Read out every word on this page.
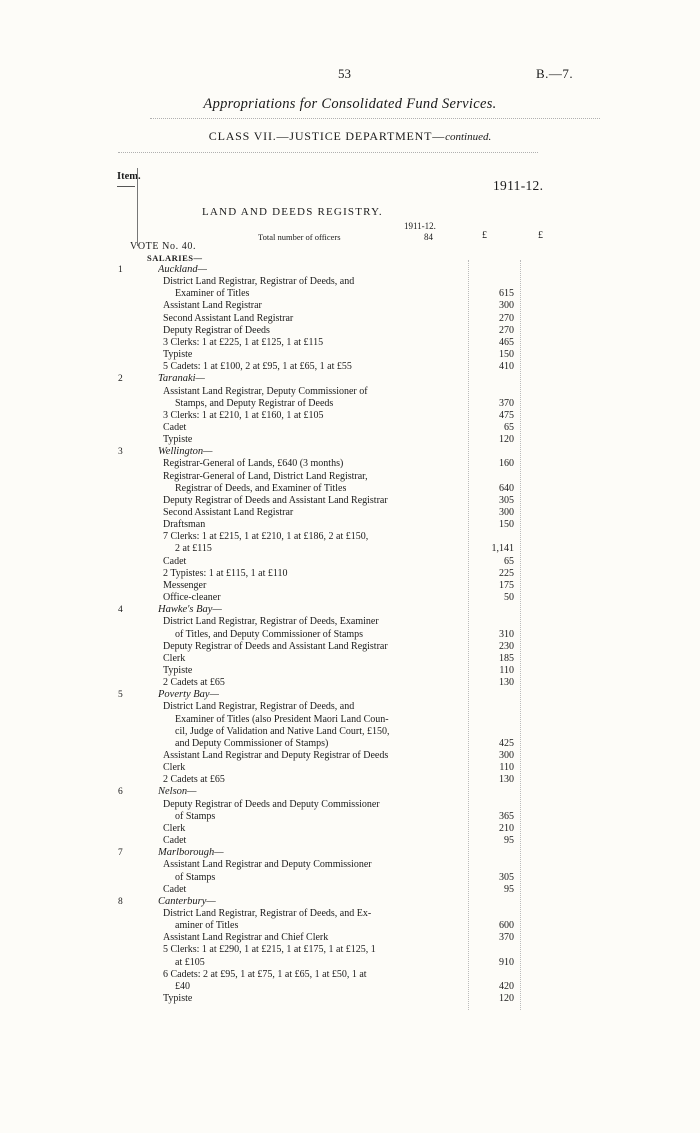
53	B.—7.
Appropriations for Consolidated Fund Services.
CLASS VII.—JUSTICE DEPARTMENT—continued.
Item.
1911-12.
LAND AND DEEDS REGISTRY.
1911-12.
Total number of officers	84	£	£
VOTE No. 40.
SALARIES—
1	Auckland—
District Land Registrar, Registrar of Deeds, and
Examiner of Titles	615
Assistant Land Registrar	300
Second Assistant Land Registrar	270
Deputy Registrar of Deeds	270
3 Clerks: 1 at £225, 1 at £125, 1 at £115	465
Typiste	150
5 Cadets: 1 at £100, 2 at £95, 1 at £65, 1 at £55	410
2	Taranaki—
Assistant Land Registrar, Deputy Commissioner of
Stamps, and Deputy Registrar of Deeds	370
3 Clerks: 1 at £210, 1 at £160, 1 at £105	475
Cadet	65
Typiste	120
3	Wellington—
Registrar-General of Lands, £640 (3 months)	160
Registrar-General of Land, District Land Registrar,
Registrar of Deeds, and Examiner of Titles	640
Deputy Registrar of Deeds and Assistant Land Registrar	305
Second Assistant Land Registrar	300
Draftsman	150
7 Clerks: 1 at £215, 1 at £210, 1 at £186, 2 at £150,
2 at £115	1,141
Cadet	65
2 Typistes: 1 at £115, 1 at £110	225
Messenger	175
Office-cleaner	50
4	Hawke's Bay—
District Land Registrar, Registrar of Deeds, Examiner
of Titles, and Deputy Commissioner of Stamps	310
Deputy Registrar of Deeds and Assistant Land Registrar	230
Clerk	185
Typiste	110
2 Cadets at £65	130
5	Poverty Bay—
District Land Registrar, Registrar of Deeds, and
Examiner of Titles (also President Maori Land Coun-
cil, Judge of Validation and Native Land Court, £150,
and Deputy Commissioner of Stamps)	425
Assistant Land Registrar and Deputy Registrar of Deeds	300
Clerk	110
2 Cadets at £65	130
6	Nelson—
Deputy Registrar of Deeds and Deputy Commissioner
of Stamps	365
Clerk	210
Cadet	95
7	Marlborough—
Assistant Land Registrar and Deputy Commissioner
of Stamps	305
Cadet	95
8	Canterbury—
District Land Registrar, Registrar of Deeds, and Ex-
aminer of Titles	600
Assistant Land Registrar and Chief Clerk	370
5 Clerks: 1 at £290, 1 at £215, 1 at £175, 1 at £125, 1
at £105	910
6 Cadets: 2 at £95, 1 at £75, 1 at £65, 1 at £50, 1 at
£40	420
Typiste	120
